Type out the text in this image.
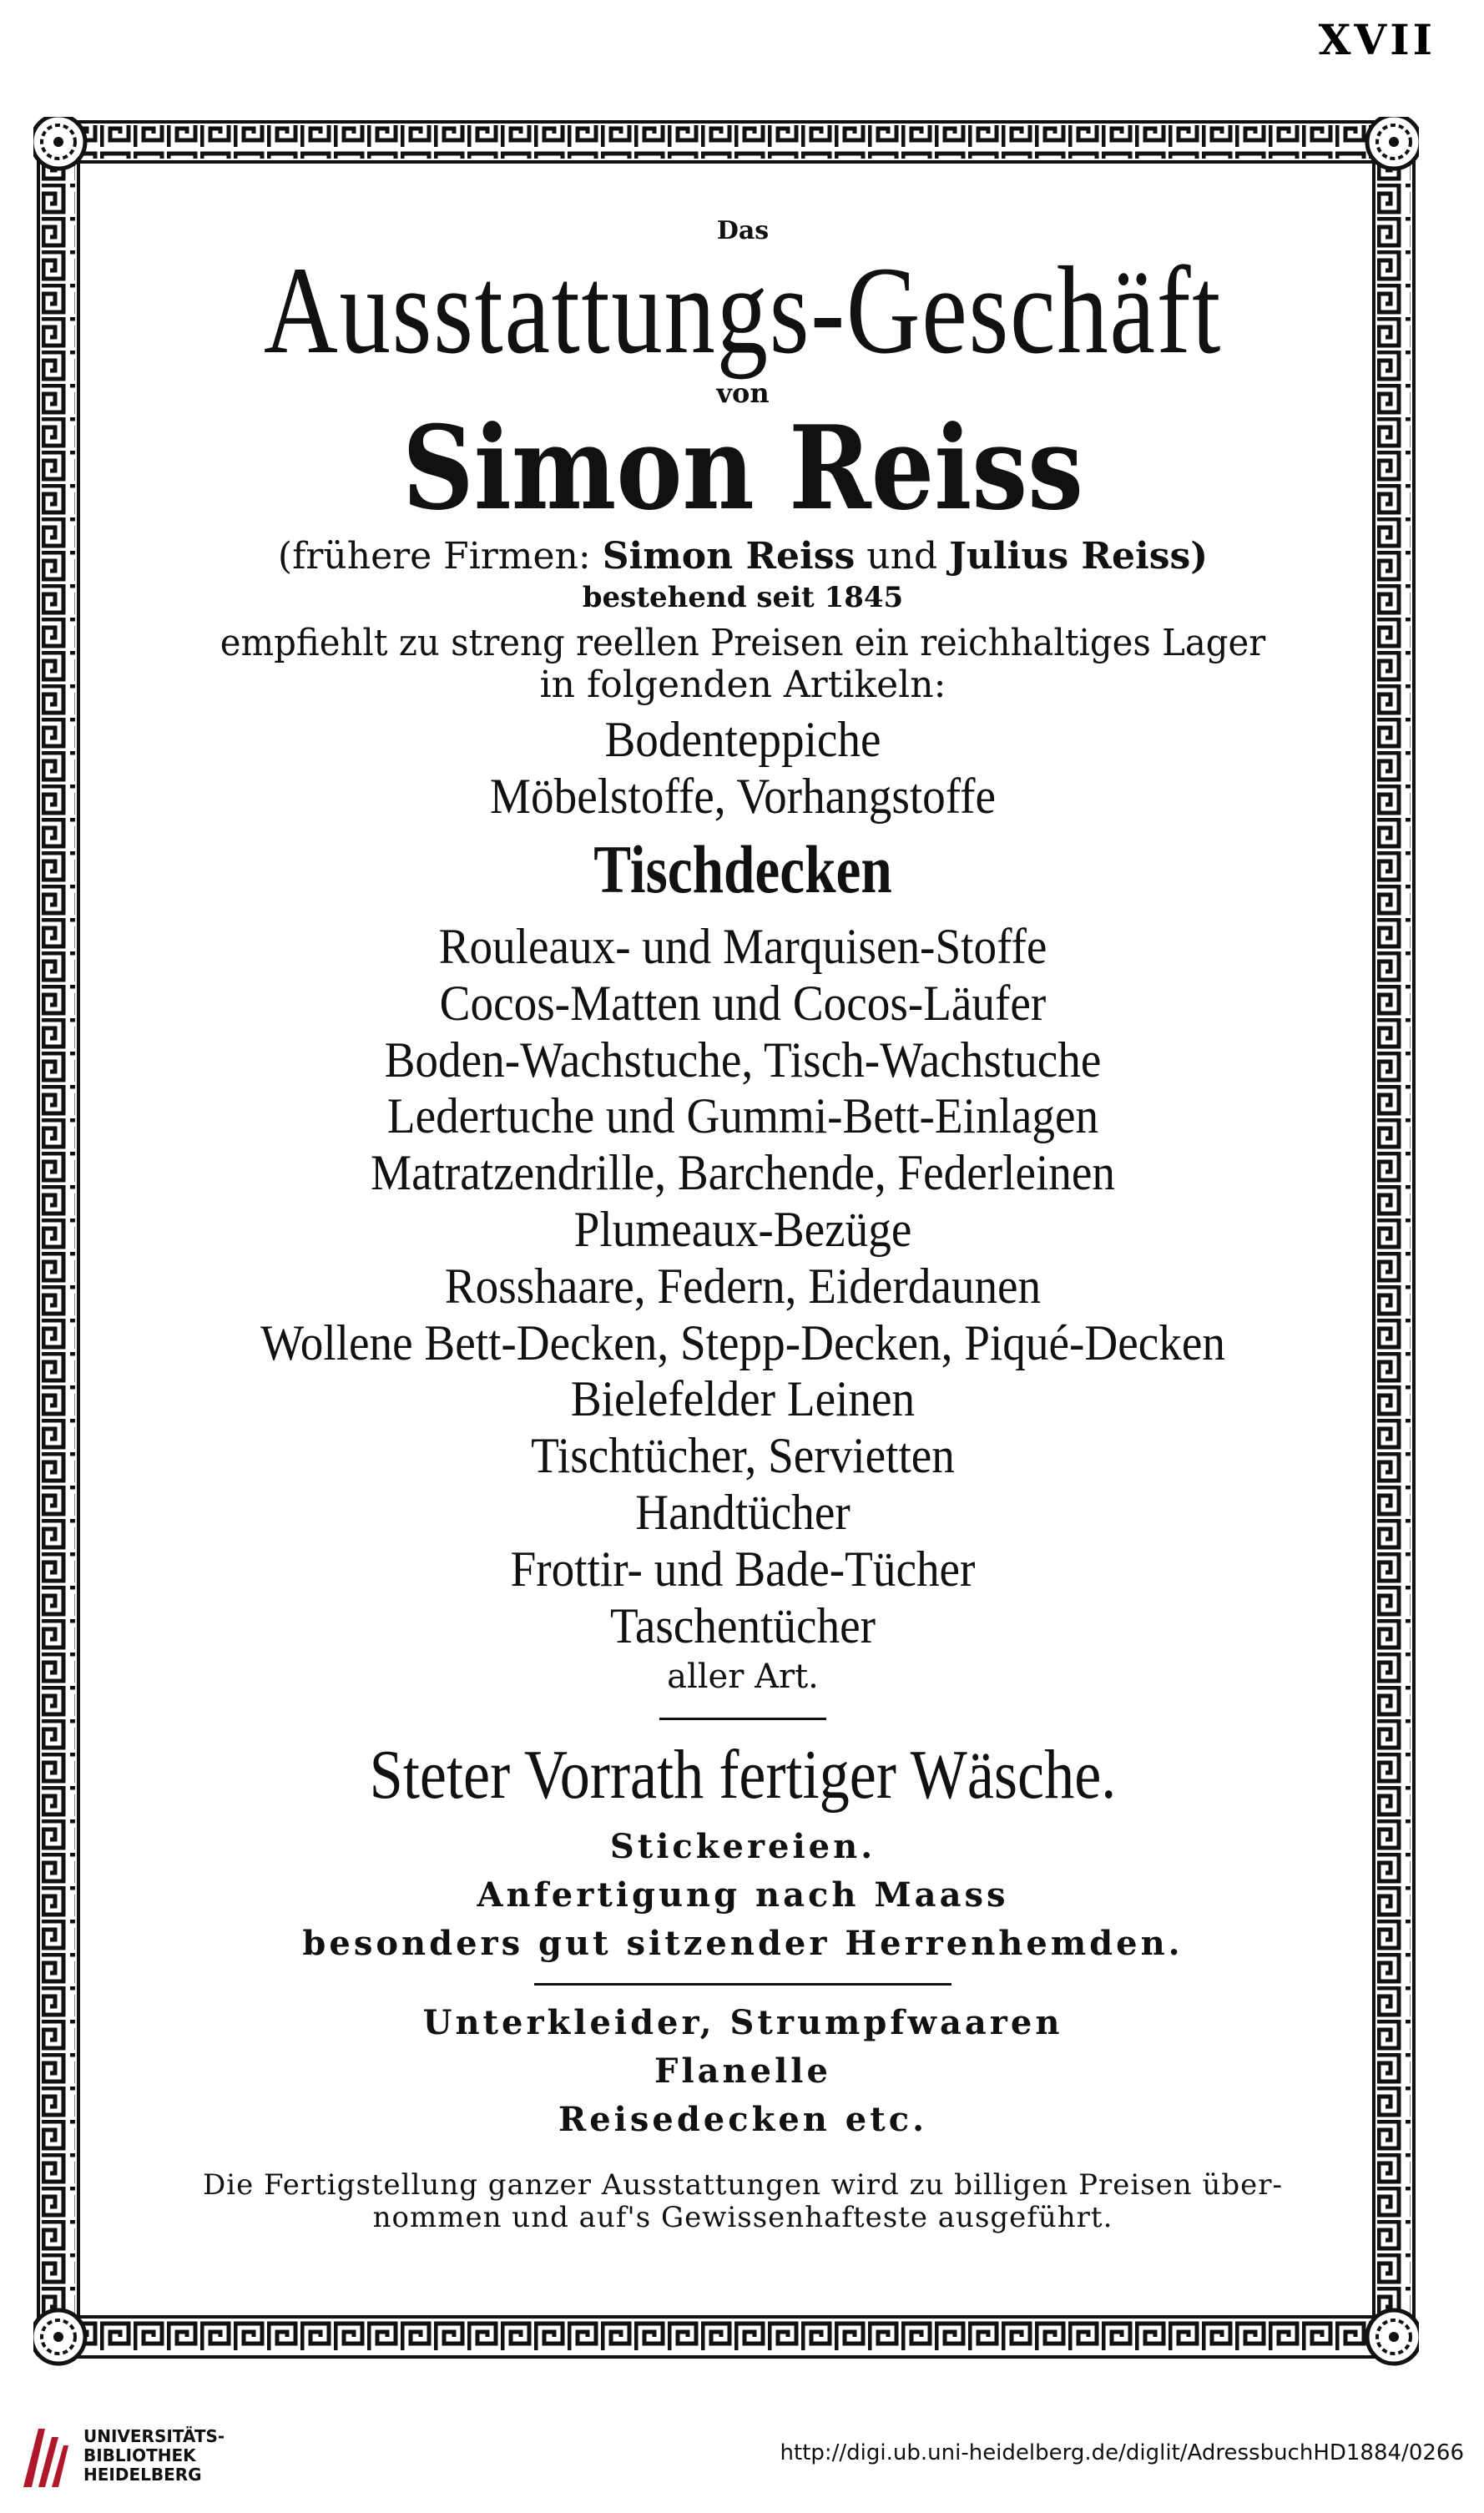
XVII
Das
Ausstattungs-Geschäft
von
Simon Reiss
(frühere Firmen: Simon Reiss und Julius Reiss)
bestehend seit 1845
empfiehlt zu streng reellen Preisen ein reichhaltiges Lager
in folgenden Artikeln:
Bodenteppiche
Möbelstoffe, Vorhangstoffe
Tischdecken
Rouleaux- und Marquisen-Stoffe
Cocos-Matten und Cocos-Läufer
Boden-Wachstuche, Tisch-Wachstuche
Ledertuche und Gummi-Bett-Einlagen
Matratzendrille, Barchende, Federleinen
Plumeaux-Bezüge
Rosshaare, Federn, Eiderdaunen
Wollene Bett-Decken, Stepp-Decken, Piqué-Decken
Bielefelder Leinen
Tischtücher, Servietten
Handtücher
Frottir- und Bade-Tücher
Taschentücher
aller Art.
Steter Vorrath fertiger Wäsche.
Stickereien.
Anfertigung nach Maass
besonders gut sitzender Herrenhemden.
Unterkleider, Strumpfwaaren
Flanelle
Reisedecken etc.
Die Fertigstellung ganzer Ausstattungen wird zu billigen Preisen über-
nommen und auf's Gewissenhafteste ausgeführt.
UNIVERSITÄTS-
BIBLIOTHEK
HEIDELBERG
http://digi.ub.uni-heidelberg.de/diglit/AdressbuchHD1884/0266
